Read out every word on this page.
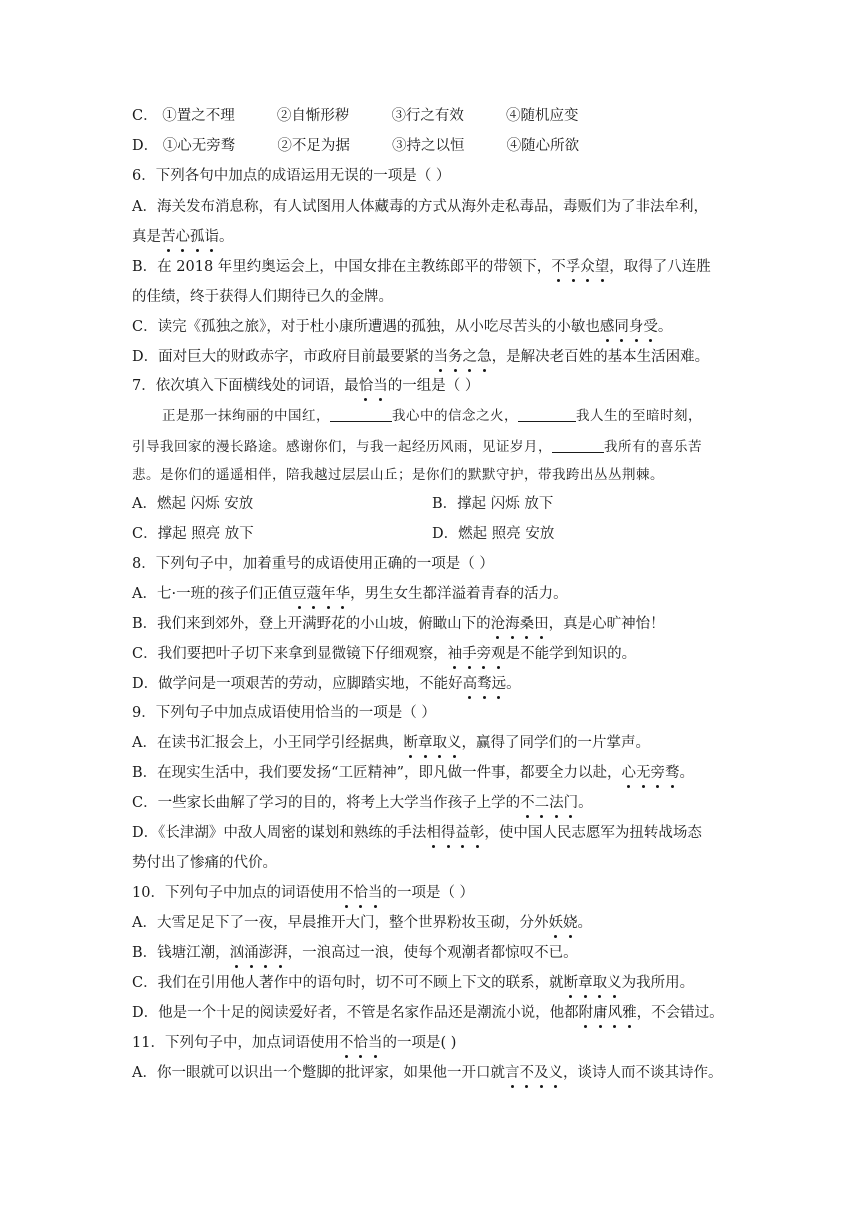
C． ①置之不理	②自惭形秽	③行之有效	④随机应变
D． ①心无旁骛	②不足为据	③持之以恒	④随心所欲
6．下列各句中加点的成语运用无误的一项是（ ）
A．海关发布消息称，有人试图用人体藏毒的方式从海外走私毒品，毒贩们为了非法牟利，
真是苦心孤诣。
B．在 2018 年里约奥运会上，中国女排在主教练郎平的带领下，不孚众望，取得了八连胜
的佳绩，终于获得人们期待已久的金牌。
C．读完《孤独之旅》，对于杜小康所遭遇的孤独，从小吃尽苦头的小敏也感同身受。
D．面对巨大的财政赤字，市政府目前最要紧的当务之急，是解决老百姓的基本生活困难。
7．依次填入下面横线处的词语，最恰当的一组是（ ）
正是那一抹绚丽的中国红，	我心中的信念之火，	我人生的至暗时刻，
引导我回家的漫长路途。感谢你们，与我一起经历风雨，见证岁月，	我所有的喜乐苦
悲。是你们的遥遥相伴，陪我越过层层山丘；是你们的默默守护，带我跨出丛丛荆棘。
A．燃起 闪烁 安放	B．撑起 闪烁 放下
C．撑起 照亮 放下	D．燃起 照亮 安放
8．下列句子中，加着重号的成语使用正确的一项是（ ）
A．七·一班的孩子们正值豆蔻年华，男生女生都洋溢着青春的活力。
B．我们来到郊外，登上开满野花的小山坡，俯瞰山下的沧海桑田，真是心旷神怡！
C．我们要把叶子切下来拿到显微镜下仔细观察，袖手旁观是不能学到知识的。
D．做学问是一项艰苦的劳动，应脚踏实地，不能好高骛远。
9．下列句子中加点成语使用恰当的一项是（ ）
A．在读书汇报会上，小王同学引经据典，断章取义，赢得了同学们的一片掌声。
B．在现实生活中，我们要发扬“工匠精神”，即凡做一件事，都要全力以赴，心无旁骛。
C．一些家长曲解了学习的目的，将考上大学当作孩子上学的不二法门。
D．《长津湖》中敌人周密的谋划和熟练的手法相得益彰，使中国人民志愿军为扭转战场态
势付出了惨痛的代价。
10．下列句子中加点的词语使用不恰当的一项是（ ）
A．大雪足足下了一夜，早晨推开大门，整个世界粉妆玉砌，分外妖娆。
B．钱塘江潮，汹涌澎湃，一浪高过一浪，使每个观潮者都惊叹不已。
C．我们在引用他人著作中的语句时，切不可不顾上下文的联系，就断章取义为我所用。
D．他是一个十足的阅读爱好者，不管是名家作品还是潮流小说，他都附庸风雅，不会错过。
11．下列句子中，加点词语使用不恰当的一项是( )
A．你一眼就可以识出一个蹩脚的批评家，如果他一开口就言不及义，谈诗人而不谈其诗作。
